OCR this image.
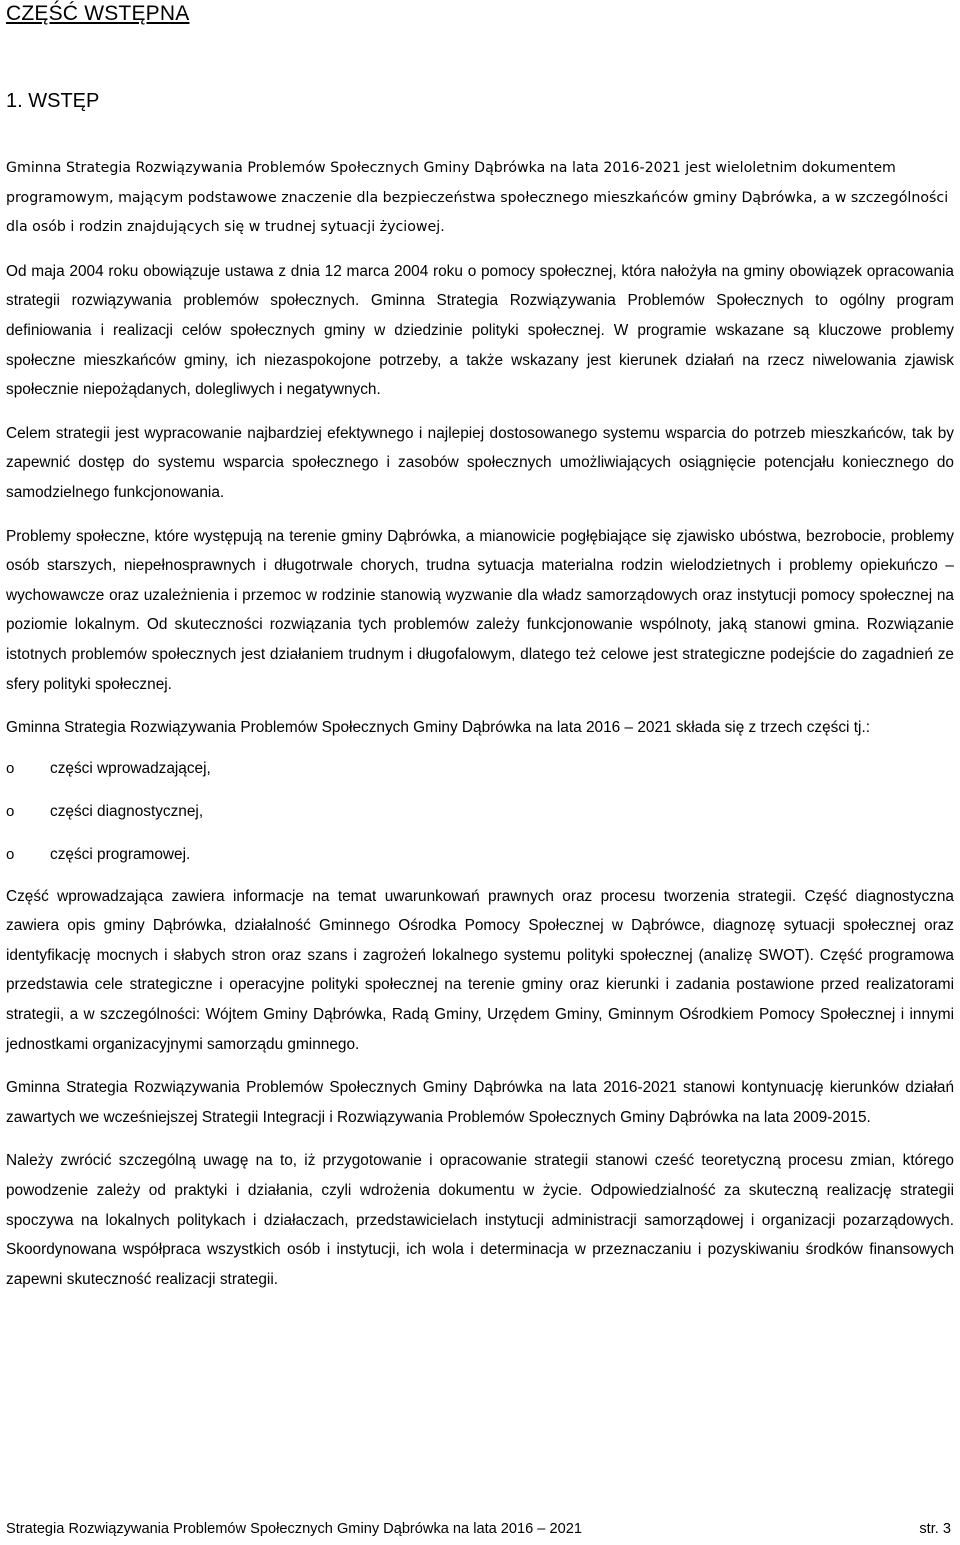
CZĘŚĆ WSTĘPNA
1. WSTĘP

Gminna Strategia Rozwiązywania Problemów Społecznych Gminy Dąbrówka na lata 2016-2021 jest wieloletnim dokumentem programowym, mającym podstawowe znaczenie dla bezpieczeństwa społecznego mieszkańców gminy Dąbrówka, a w szczególności dla osób i rodzin znajdujących się w trudnej sytuacji życiowej.

Od maja 2004 roku obowiązuje ustawa z dnia 12 marca 2004 roku o pomocy społecznej, która nałożyła na gminy obowiązek opracowania strategii rozwiązywania problemów społecznych. Gminna Strategia Rozwiązywania Problemów Społecznych to ogólny program definiowania i realizacji celów społecznych gminy w dziedzinie polityki społecznej. W programie wskazane są kluczowe problemy społeczne mieszkańców gminy, ich niezaspokojone potrzeby, a także wskazany jest kierunek działań na rzecz niwelowania zjawisk społecznie niepożądanych, dolegliwych i negatywnych.

Celem strategii jest wypracowanie najbardziej efektywnego i najlepiej dostosowanego systemu wsparcia do potrzeb mieszkańców, tak by zapewnić dostęp do systemu wsparcia społecznego i zasobów społecznych umożliwiających osiągnięcie potencjału koniecznego do samodzielnego funkcjonowania.

Problemy społeczne, które występują na terenie gminy Dąbrówka, a mianowicie pogłębiające się zjawisko ubóstwa, bezrobocie, problemy osób starszych, niepełnosprawnych i długotrwale chorych, trudna sytuacja materialna rodzin wielodzietnych i problemy opiekuńczo – wychowawcze oraz uzależnienia i przemoc w rodzinie stanowią wyzwanie dla władz samorządowych oraz instytucji pomocy społecznej na poziomie lokalnym. Od skuteczności rozwiązania tych problemów zależy funkcjonowanie wspólnoty, jaką stanowi gmina. Rozwiązanie istotnych problemów społecznych jest działaniem trudnym i długofalowym, dlatego też celowe jest strategiczne podejście do zagadnień ze sfery polityki społecznej.

Gminna Strategia Rozwiązywania Problemów Społecznych Gminy Dąbrówka na lata 2016 – 2021 składa się z trzech części tj.:

o	części wprowadzającej,
o	części diagnostycznej,
o	części programowej.

Część wprowadzająca zawiera informacje na temat uwarunkowań prawnych oraz procesu tworzenia strategii. Część diagnostyczna zawiera opis gminy Dąbrówka, działalność Gminnego Ośrodka Pomocy Społecznej w Dąbrówce, diagnozę sytuacji społecznej oraz identyfikację mocnych i słabych stron oraz szans i zagrożeń lokalnego systemu polityki społecznej (analizę SWOT). Część programowa przedstawia cele strategiczne i operacyjne polityki społecznej na terenie gminy oraz kierunki i zadania postawione przed realizatorami strategii, a w szczególności: Wójtem Gminy Dąbrówka, Radą Gminy, Urzędem Gminy, Gminnym Ośrodkiem Pomocy Społecznej i innymi jednostkami organizacyjnymi samorządu gminnego.

Gminna Strategia Rozwiązywania Problemów Społecznych Gminy Dąbrówka na lata 2016-2021 stanowi kontynuację kierunków działań zawartych we wcześniejszej Strategii Integracji i Rozwiązywania Problemów Społecznych Gminy Dąbrówka na lata 2009-2015.

Należy zwrócić szczególną uwagę na to, iż przygotowanie i opracowanie strategii stanowi cześć teoretyczną procesu zmian, którego powodzenie zależy od praktyki i działania, czyli wdrożenia dokumentu w życie. Odpowiedzialność za skuteczną realizację strategii spoczywa na lokalnych politykach i działaczach, przedstawicielach instytucji administracji samorządowej i organizacji pozarządowych. Skoordynowana współpraca wszystkich osób i instytucji, ich wola i determinacja w przeznaczaniu i pozyskiwaniu środków finansowych zapewni skuteczność realizacji strategii.

Strategia Rozwiązywania Problemów Społecznych Gminy Dąbrówka na lata 2016 – 2021	str. 3
